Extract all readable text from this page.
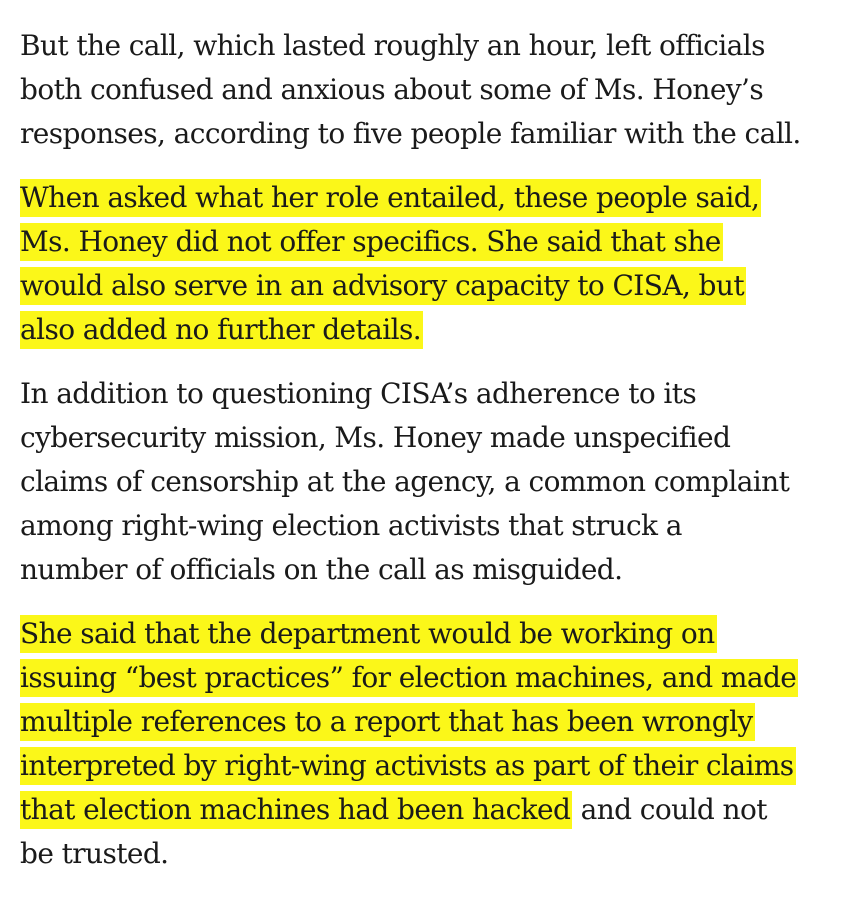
But the call, which lasted roughly an hour, left officials
both confused and anxious about some of Ms. Honey’s
responses, according to five people familiar with the call.

When asked what her role entailed, these people said,
Ms. Honey did not offer specifics. She said that she
would also serve in an advisory capacity to CISA, but
also added no further details.

In addition to questioning CISA’s adherence to its
cybersecurity mission, Ms. Honey made unspecified
claims of censorship at the agency, a common complaint
among right-wing election activists that struck a
number of officials on the call as misguided.

She said that the department would be working on
issuing “best practices” for election machines, and made
multiple references to a report that has been wrongly
interpreted by right-wing activists as part of their claims
that election machines had been hacked and could not
be trusted.
